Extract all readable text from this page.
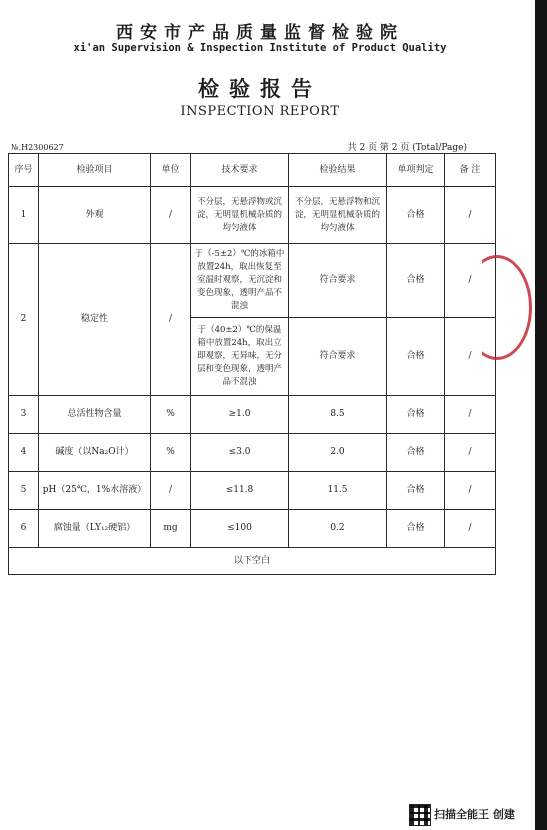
西安市产品质量监督检验院
xi'an Supervision & Inspection Institute of Product Quality
检验报告
INSPECTION REPORT
№.H2300627	共 2 页 第 2 页 (Total/Page)
序号	检验项目	单位	技术要求	检验结果	单项判定	备 注
1	外观	/	不分层，无悬浮物或沉淀，无明显机械杂质的均匀液体	不分层，无悬浮物和沉淀，无明显机械杂质的均匀液体	合格	/
2	稳定性	/	于（-5±2）℃的冰箱中放置24h，取出恢复至室温时观察，无沉淀和变色现象，透明产品不混浊	符合要求	合格	/
			于（40±2）℃的保温箱中放置24h，取出立即观察，无异味，无分层和变色现象，透明产品不混浊	符合要求	合格	/
3	总活性物含量	%	≥1.0	8.5	合格	/
4	碱度（以Na₂O计）	%	≤3.0	2.0	合格	/
5	pH（25℃，1%水溶液）	/	≤11.8	11.5	合格	/
6	腐蚀量（LY₁₂硬铝）	mg	≤100	0.2	合格	/
以下空白						
扫描全能王 创建
